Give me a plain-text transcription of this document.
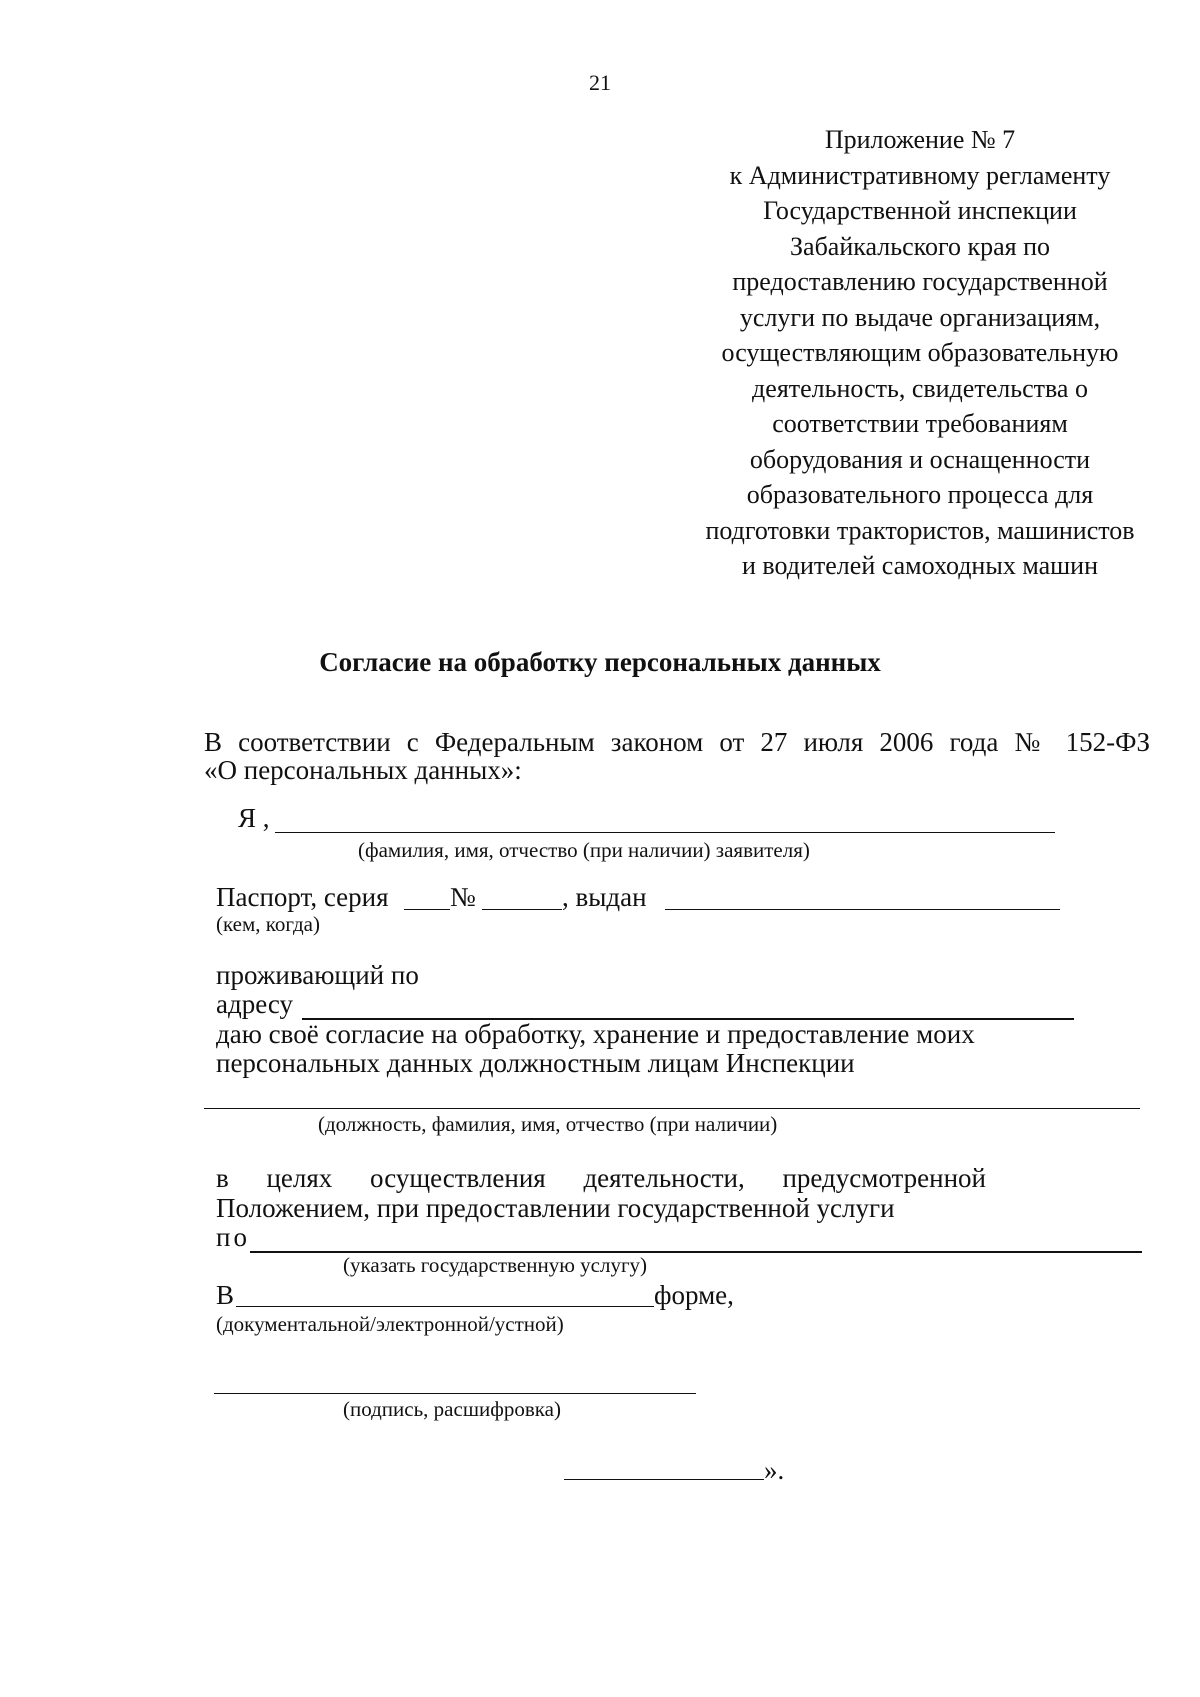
21
Приложение № 7
к Административному регламенту
Государственной инспекции
Забайкальского края по
предоставлению государственной
услуги по выдаче организациям,
осуществляющим образовательную
деятельность, свидетельства о
соответствии требованиям
оборудования и оснащенности
образовательного процесса для
подготовки трактористов, машинистов
и водителей самоходных машин
Согласие на обработку персональных данных
В соответствии с Федеральным законом от 27 июля 2006 года № 152-ФЗ
«О персональных данных»:
Я ,
(фамилия, имя, отчество (при наличии) заявителя)
Паспорт, серия №	, выдан
(кем, когда)
проживающий по
адресу
даю своё согласие на обработку, хранение и предоставление моих
персональных данных должностным лицам Инспекции
(должность, фамилия, имя, отчество (при наличии)
в целях осуществления деятельности, предусмотренной
Положением, при предоставлении государственной услуги
по
(указать государственную услугу)
В	форме,
(документальной/электронной/устной)
(подпись, расшифровка)
».
